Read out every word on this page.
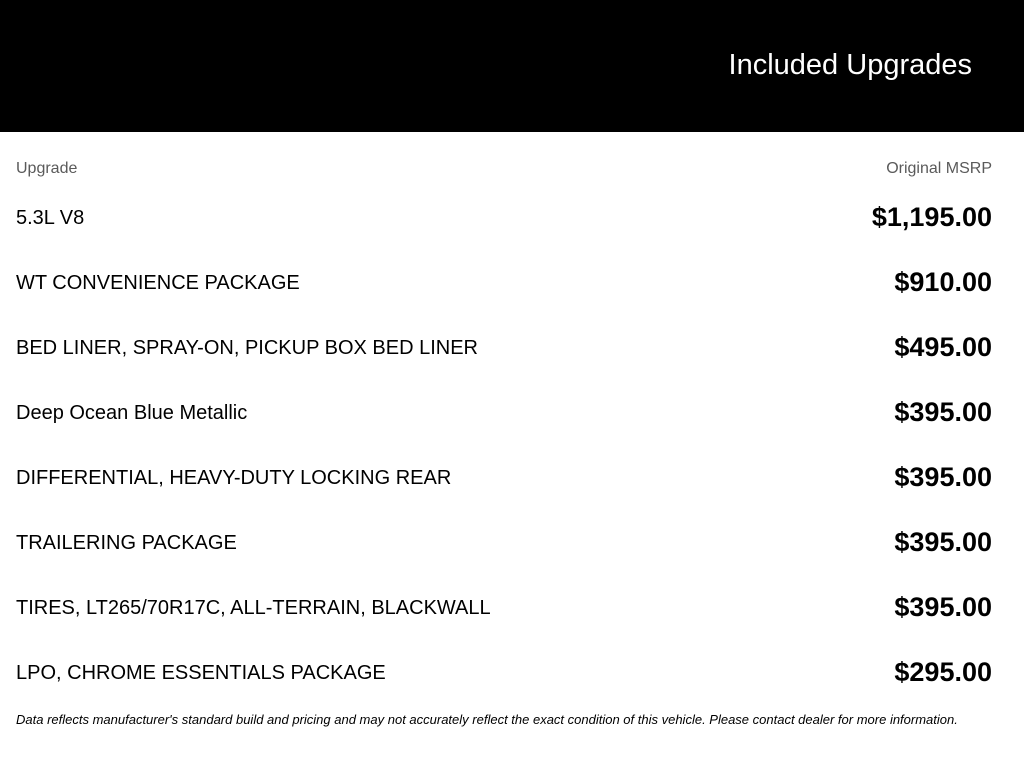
Included Upgrades
Upgrade	Original MSRP
5.3L V8	$1,195.00
WT CONVENIENCE PACKAGE	$910.00
BED LINER, SPRAY-ON, PICKUP BOX BED LINER	$495.00
Deep Ocean Blue Metallic	$395.00
DIFFERENTIAL, HEAVY-DUTY LOCKING REAR	$395.00
TRAILERING PACKAGE	$395.00
TIRES, LT265/70R17C, ALL-TERRAIN, BLACKWALL	$395.00
LPO, CHROME ESSENTIALS PACKAGE	$295.00
Data reflects manufacturer's standard build and pricing and may not accurately reflect the exact condition of this vehicle. Please contact dealer for more information.
